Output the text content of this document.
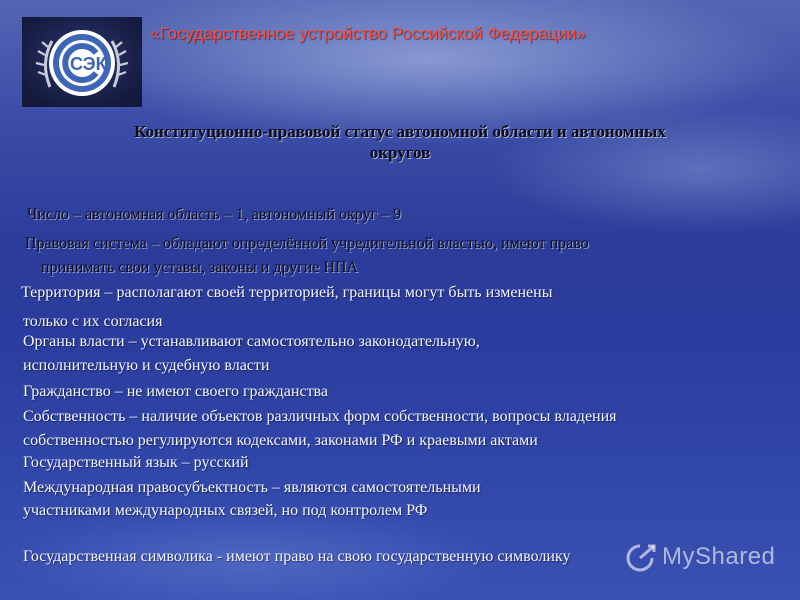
СЭК
«Государственное устройство Российской Федерации»
Конституционно-правовой статус автономной области и автономных
округов
Число – автономная область – 1, автономный округ – 9
Правовая система – обладают определённой учредительной властью, имеют право
принимать свои уставы, законы и другие НПА
Территория – располагают своей территорией, границы могут быть изменены
только с их согласия
Органы власти – устанавливают самостоятельно законодательную,
исполнительную и судебную власти
Гражданство – не имеют своего гражданства
Собственность – наличие объектов различных форм собственности, вопросы владения
собственностью регулируются кодексами, законами РФ и краевыми актами
Государственный язык – русский
Международная правосубъектность – являются самостоятельными
участниками международных связей, но под контролем РФ
Государственная символика - имеют право на свою государственную символику	MyShared
